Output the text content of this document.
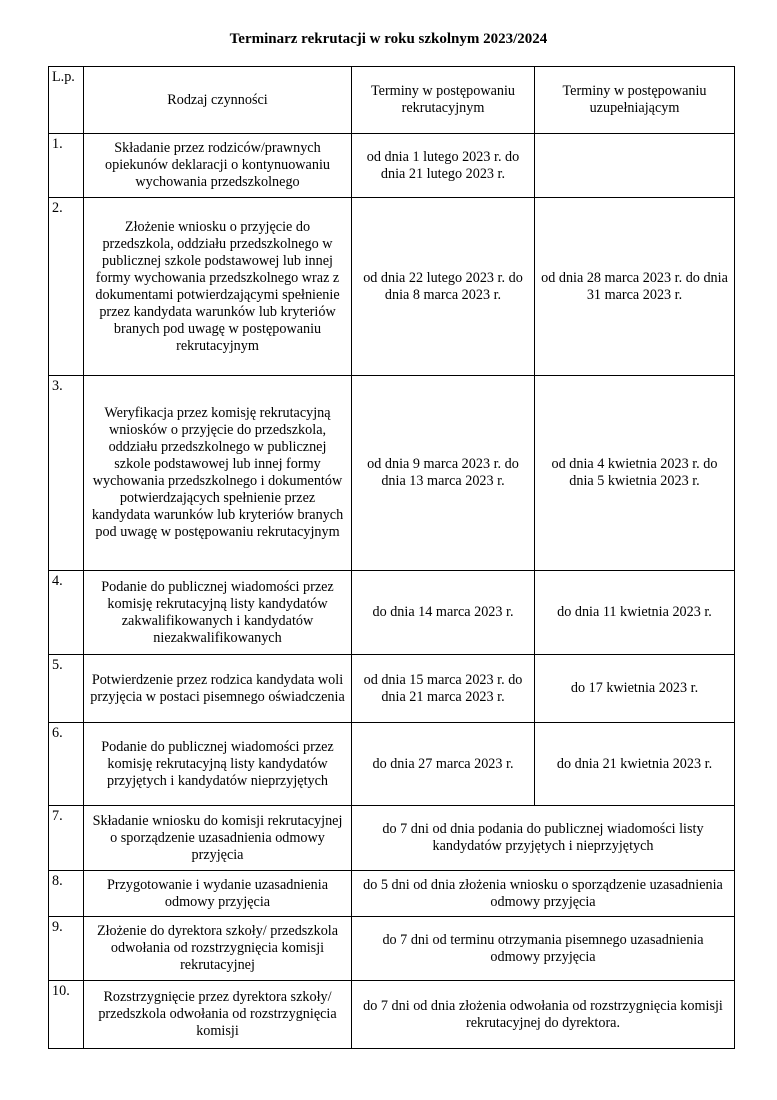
Terminarz rekrutacji w roku szkolnym 2023/2024
L.p.	Rodzaj czynności	Terminy w postępowaniu rekrutacyjnym	Terminy w postępowaniu uzupełniającym
1.	Składanie przez rodziców/prawnych opiekunów deklaracji o kontynuowaniu wychowania przedszkolnego	od dnia 1 lutego 2023 r. do dnia 21 lutego 2023 r.	
2.	Złożenie wniosku o przyjęcie do przedszkola, oddziału przedszkolnego w publicznej szkole podstawowej lub innej formy wychowania przedszkolnego wraz z dokumentami potwierdzającymi spełnienie przez kandydata warunków lub kryteriów branych pod uwagę w postępowaniu rekrutacyjnym	od dnia 22 lutego 2023 r. do dnia 8 marca 2023 r.	od dnia 28 marca 2023 r. do dnia 31 marca 2023 r.
3.	Weryfikacja przez komisję rekrutacyjną wniosków o przyjęcie do przedszkola, oddziału przedszkolnego w publicznej szkole podstawowej lub innej formy wychowania przedszkolnego i dokumentów potwierdzających spełnienie przez kandydata warunków lub kryteriów branych pod uwagę w postępowaniu rekrutacyjnym	od dnia 9 marca 2023 r. do dnia 13 marca 2023 r.	od dnia 4 kwietnia 2023 r. do dnia 5 kwietnia 2023 r.
4.	Podanie do publicznej wiadomości przez komisję rekrutacyjną listy kandydatów zakwalifikowanych i kandydatów niezakwalifikowanych	do dnia 14 marca 2023 r.	do dnia 11 kwietnia 2023 r.
5.	Potwierdzenie przez rodzica kandydata woli przyjęcia w postaci pisemnego oświadczenia	od dnia 15 marca 2023 r. do dnia 21 marca 2023 r.	do 17 kwietnia 2023 r.
6.	Podanie do publicznej wiadomości przez komisję rekrutacyjną listy kandydatów przyjętych i kandydatów nieprzyjętych	do dnia 27 marca 2023 r.	do dnia 21 kwietnia 2023 r.
7.	Składanie wniosku do komisji rekrutacyjnej o sporządzenie uzasadnienia odmowy przyjęcia	do 7 dni od dnia podania do publicznej wiadomości listy kandydatów przyjętych i nieprzyjętych	
8.	Przygotowanie i wydanie uzasadnienia odmowy przyjęcia	do 5 dni od dnia złożenia wniosku o sporządzenie uzasadnienia odmowy przyjęcia	
9.	Złożenie do dyrektora szkoły/ przedszkola odwołania od rozstrzygnięcia komisji rekrutacyjnej	do 7 dni od terminu otrzymania pisemnego uzasadnienia odmowy przyjęcia	
10.	Rozstrzygnięcie przez dyrektora szkoły/ przedszkola odwołania od rozstrzygnięcia komisji	do 7 dni od dnia złożenia odwołania od rozstrzygnięcia komisji rekrutacyjnej do dyrektora.	
